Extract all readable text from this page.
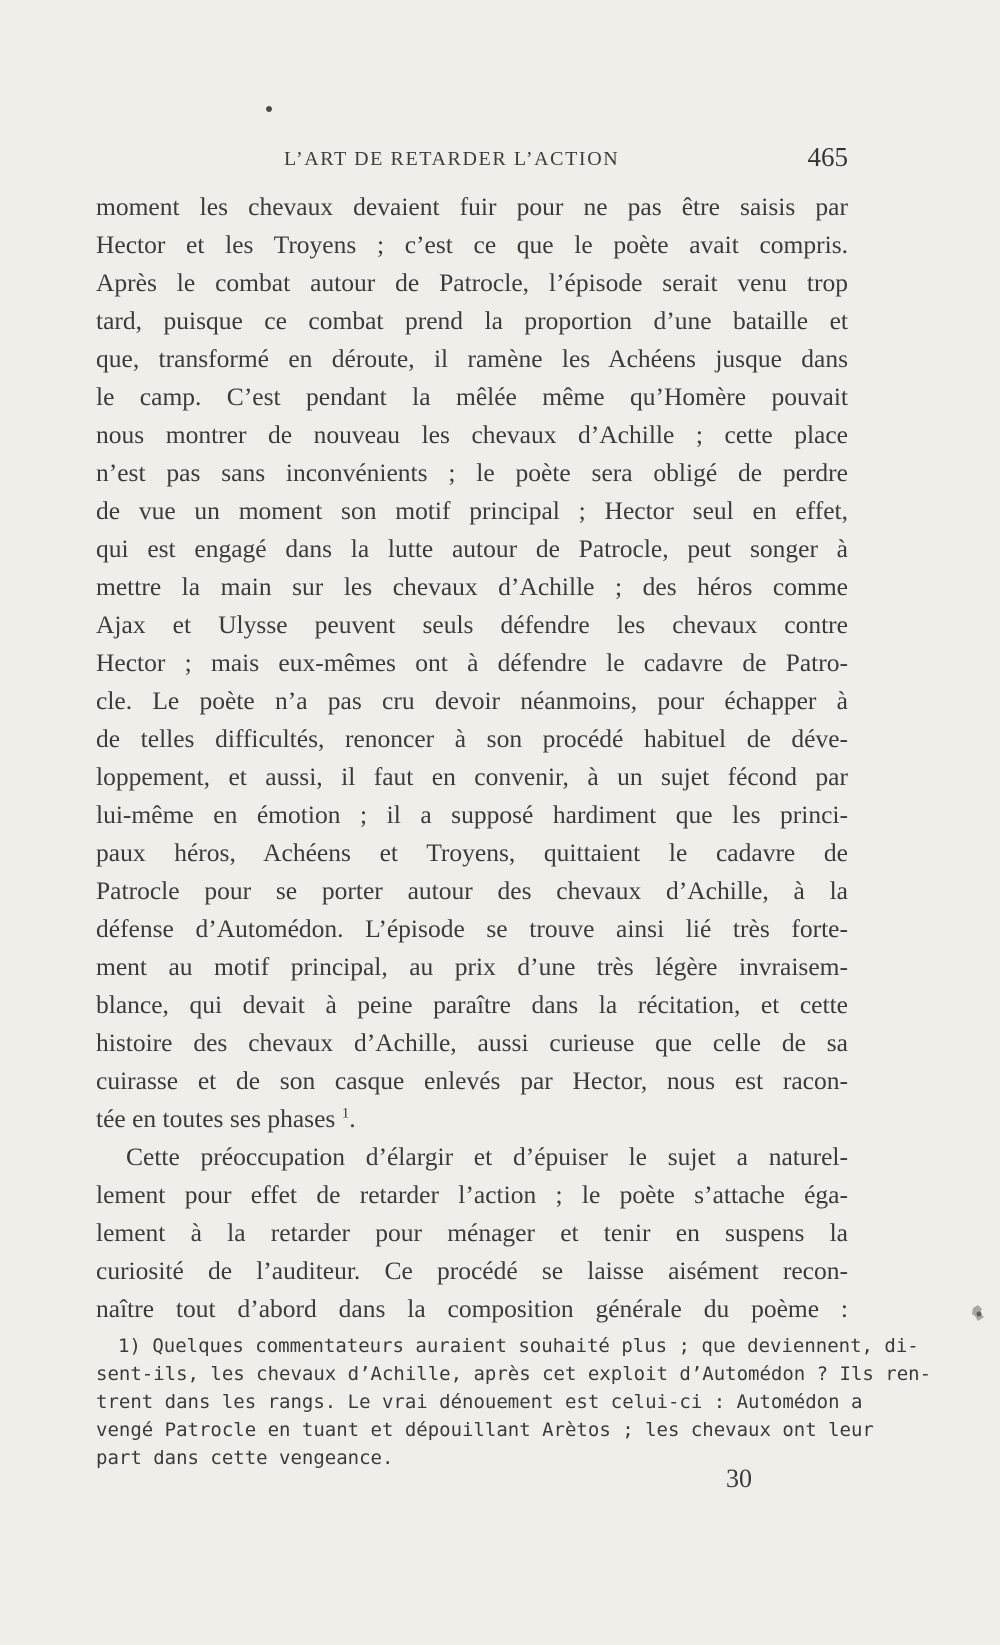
L’ART DE RETARDER L’ACTION	465
moment les chevaux devaient fuir pour ne pas être saisis par
Hector et les Troyens ; c’est ce que le poète avait compris.
Après le combat autour de Patrocle, l’épisode serait venu trop
tard, puisque ce combat prend la proportion d’une bataille et
que, transformé en déroute, il ramène les Achéens jusque dans
le camp. C’est pendant la mêlée même qu’Homère pouvait
nous montrer de nouveau les chevaux d’Achille ; cette place
n’est pas sans inconvénients ; le poète sera obligé de perdre
de vue un moment son motif principal ; Hector seul en effet,
qui est engagé dans la lutte autour de Patrocle, peut songer à
mettre la main sur les chevaux d’Achille ; des héros comme
Ajax et Ulysse peuvent seuls défendre les chevaux contre
Hector ; mais eux-mêmes ont à défendre le cadavre de Patro-
cle. Le poète n’a pas cru devoir néanmoins, pour échapper à
de telles difficultés, renoncer à son procédé habituel de déve-
loppement, et aussi, il faut en convenir, à un sujet fécond par
lui-même en émotion ; il a supposé hardiment que les princi-
paux héros, Achéens et Troyens, quittaient le cadavre de
Patrocle pour se porter autour des chevaux d’Achille, à la
défense d’Automédon. L’épisode se trouve ainsi lié très forte-
ment au motif principal, au prix d’une très légère invraisem-
blance, qui devait à peine paraître dans la récitation, et cette
histoire des chevaux d’Achille, aussi curieuse que celle de sa
cuirasse et de son casque enlevés par Hector, nous est racon-
tée en toutes ses phases $^1$.
Cette préoccupation d’élargir et d’épuiser le sujet a naturel-
lement pour effet de retarder l’action ; le poète s’attache éga-
lement à la retarder pour ménager et tenir en suspens la
curiosité de l’auditeur. Ce procédé se laisse aisément recon-
naître tout d’abord dans la composition générale du poème :
1) Quelques commentateurs auraient souhaité plus ; que deviennent, di-
sent-ils, les chevaux d’Achille, après cet exploit d’Automédon ? Ils ren-
trent dans les rangs. Le vrai dénouement est celui-ci : Automédon a
vengé Patrocle en tuant et dépouillant Arètos ; les chevaux ont leur
part dans cette vengeance.
30
